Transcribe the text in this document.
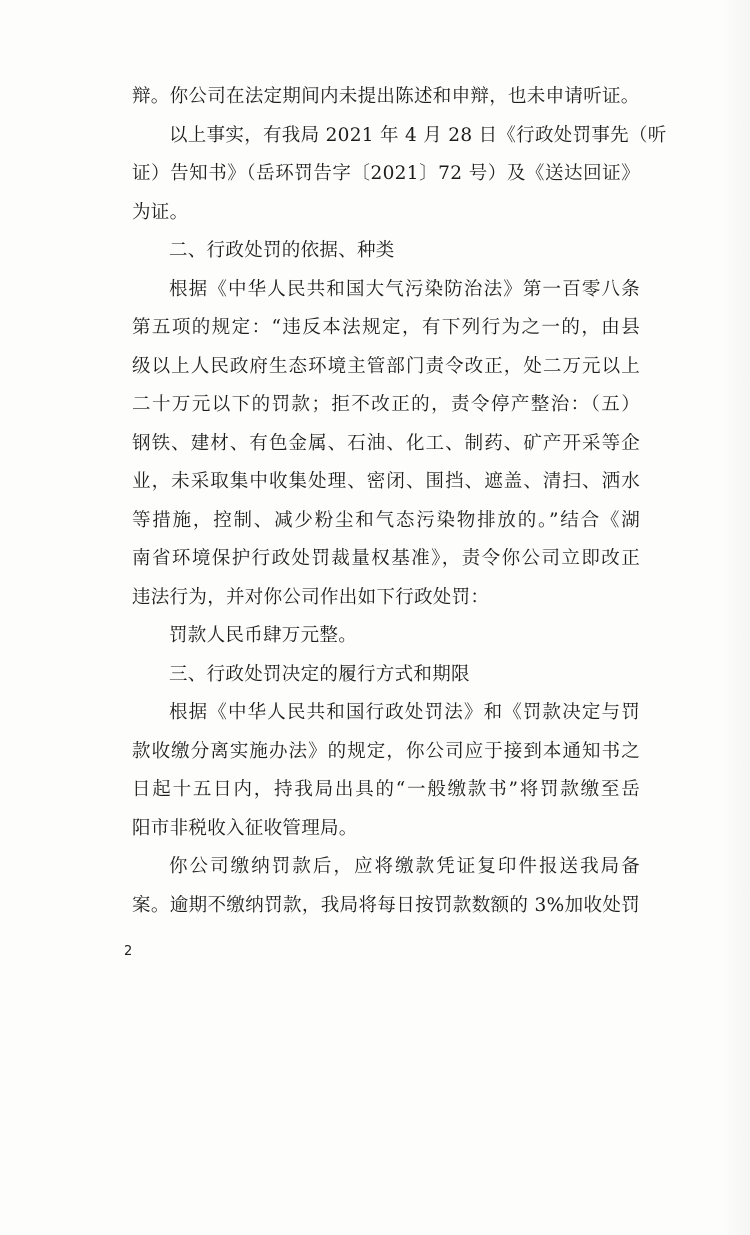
辩。你公司在法定期间内未提出陈述和申辩，也未申请听证。
以上事实，有我局 2021 年 4 月 28 日《行政处罚事先（听
证）告知书》（岳环罚告字〔2021〕72 号）及《送达回证》
为证。
二、行政处罚的依据、种类
根据《中华人民共和国大气污染防治法》第一百零八条
第五项的规定：“违反本法规定，有下列行为之一的，由县
级以上人民政府生态环境主管部门责令改正，处二万元以上
二十万元以下的罚款；拒不改正的，责令停产整治：（五）
钢铁、建材、有色金属、石油、化工、制药、矿产开采等企
业，未采取集中收集处理、密闭、围挡、遮盖、清扫、洒水
等措施，控制、减少粉尘和气态污染物排放的。”结合《湖
南省环境保护行政处罚裁量权基准》，责令你公司立即改正
违法行为，并对你公司作出如下行政处罚：
罚款人民币肆万元整。
三、行政处罚决定的履行方式和期限
根据《中华人民共和国行政处罚法》和《罚款决定与罚
款收缴分离实施办法》的规定，你公司应于接到本通知书之
日起十五日内，持我局出具的“一般缴款书”将罚款缴至岳
阳市非税收入征收管理局。
你公司缴纳罚款后，应将缴款凭证复印件报送我局备
案。逾期不缴纳罚款，我局将每日按罚款数额的 3%加收处罚
2
